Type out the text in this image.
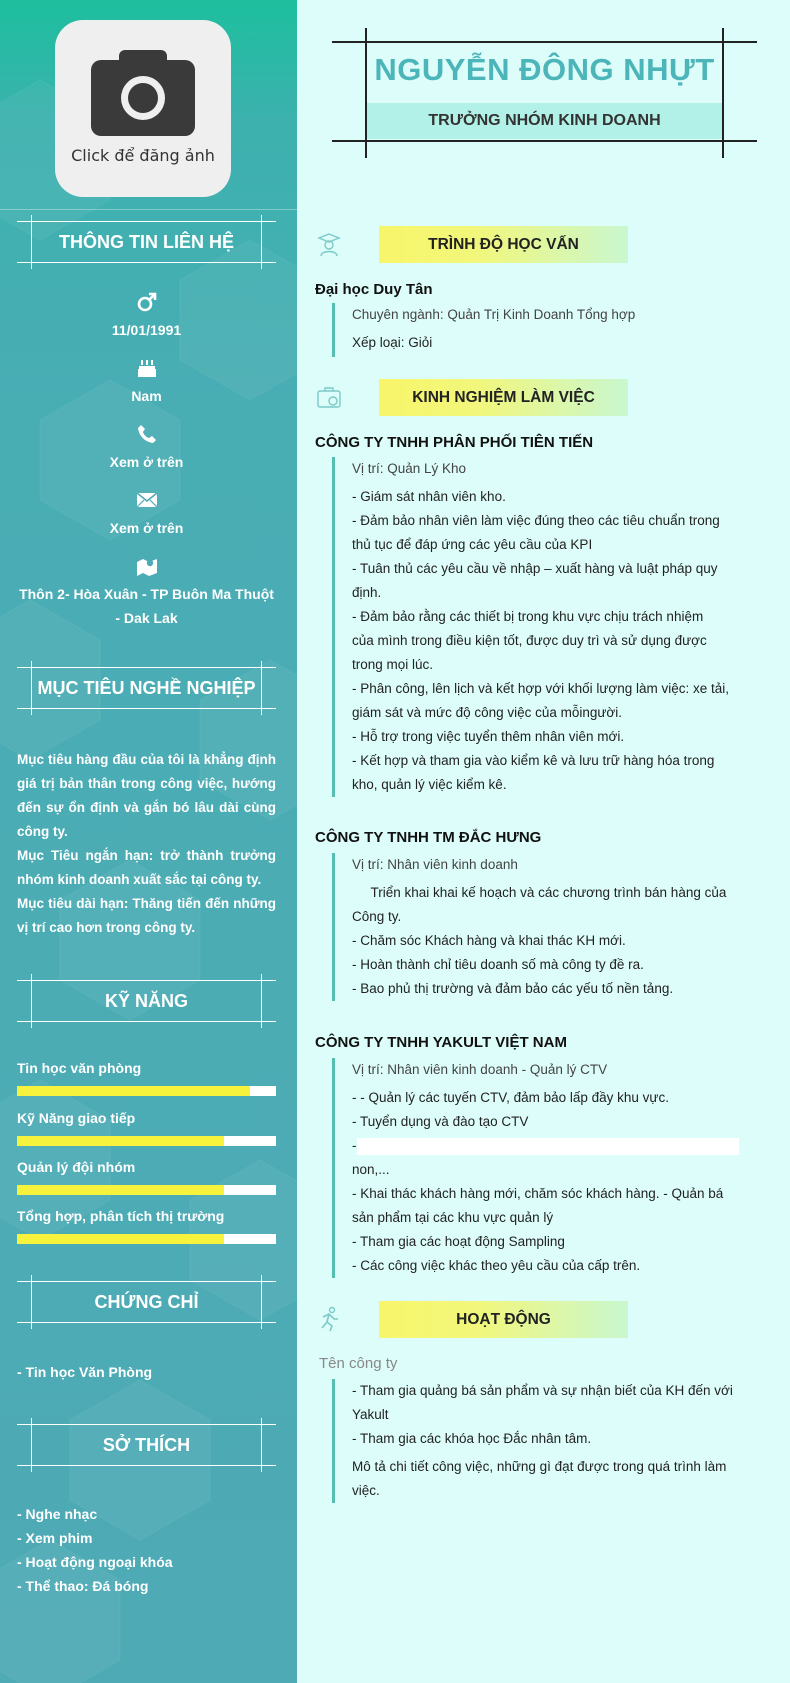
Click để đăng ảnh
THÔNG TIN LIÊN HỆ
11/01/1991
Nam
Xem ở trên
Xem ở trên
Thôn 2- Hòa Xuân - TP Buôn Ma Thuột - Dak Lak
MỤC TIÊU NGHỀ NGHIỆP
Mục tiêu hàng đầu của tôi là khẳng định giá trị bản thân trong công việc, hướng đến sự ổn định và gắn bó lâu dài cùng công ty.
Mục Tiêu ngắn hạn: trở thành trưởng nhóm kinh doanh xuất sắc tại công ty.
Mục tiêu dài hạn: Thăng tiến đến những vị trí cao hơn trong công ty.
KỸ NĂNG
Tin học văn phòng
Kỹ Năng giao tiếp
Quản lý đội nhóm
Tổng hợp, phân tích thị trường
CHỨNG CHỈ
- Tin học Văn Phòng
SỞ THÍCH
- Nghe nhạc
- Xem phim
- Hoạt động ngoại khóa
- Thể thao: Đá bóng
NGUYỄN ĐÔNG NHỰT
TRƯỞNG NHÓM KINH DOANH
TRÌNH ĐỘ HỌC VẤN
Đại học Duy Tân
Chuyên ngành: Quản Trị Kinh Doanh Tổng hợp
Xếp loại: Giỏi
KINH NGHIỆM LÀM VIỆC
CÔNG TY TNHH PHÂN PHỐI TIÊN TIẾN
Vị trí: Quản Lý Kho
- Giám sát nhân viên kho.
- Đảm bảo nhân viên làm việc đúng theo các tiêu chuẩn trong
thủ tục để đáp ứng các yêu cầu của KPI
- Tuân thủ các yêu cầu về nhập – xuất hàng và luật pháp quy
định.
- Đảm bảo rằng các thiết bị trong khu vực chịu trách nhiệm
của mình trong điều kiện tốt, được duy trì và sử dụng được
trong mọi lúc.
- Phân công, lên lịch và kết hợp với khối lượng làm việc: xe tải,
giám sát và mức độ công việc của mỗingười.
- Hỗ trợ trong việc tuyển thêm nhân viên mới.
- Kết hợp và tham gia vào kiểm kê và lưu trữ hàng hóa trong
kho, quản lý việc kiểm kê.
CÔNG TY TNHH TM ĐẮC HƯNG
Vị trí: Nhân viên kinh doanh
Triển khai khai kế hoạch và các chương trình bán hàng của
Công ty.
- Chăm sóc Khách hàng và khai thác KH mới.
- Hoàn thành chỉ tiêu doanh số mà công ty đề ra.
- Bao phủ thị trường và đảm bảo các yếu tố nền tảng.
CÔNG TY TNHH YAKULT VIỆT NAM
Vị trí: Nhân viên kinh doanh - Quản lý CTV
- - Quản lý các tuyến CTV, đảm bảo lấp đầy khu vực.
- Tuyển dụng và đào tạo CTV
-
non,...
- Khai thác khách hàng mới, chăm sóc khách hàng. - Quản bá
sản phẩm tại các khu vực quản lý
- Tham gia các hoạt động Sampling
- Các công việc khác theo yêu cầu của cấp trên.
HOẠT ĐỘNG
Tên công ty
- Tham gia quảng bá sản phẩm và sự nhận biết của KH đến với
Yakult
- Tham gia các khóa học Đắc nhân tâm.
Mô tả chi tiết công việc, những gì đạt được trong quá trình làm
việc.
